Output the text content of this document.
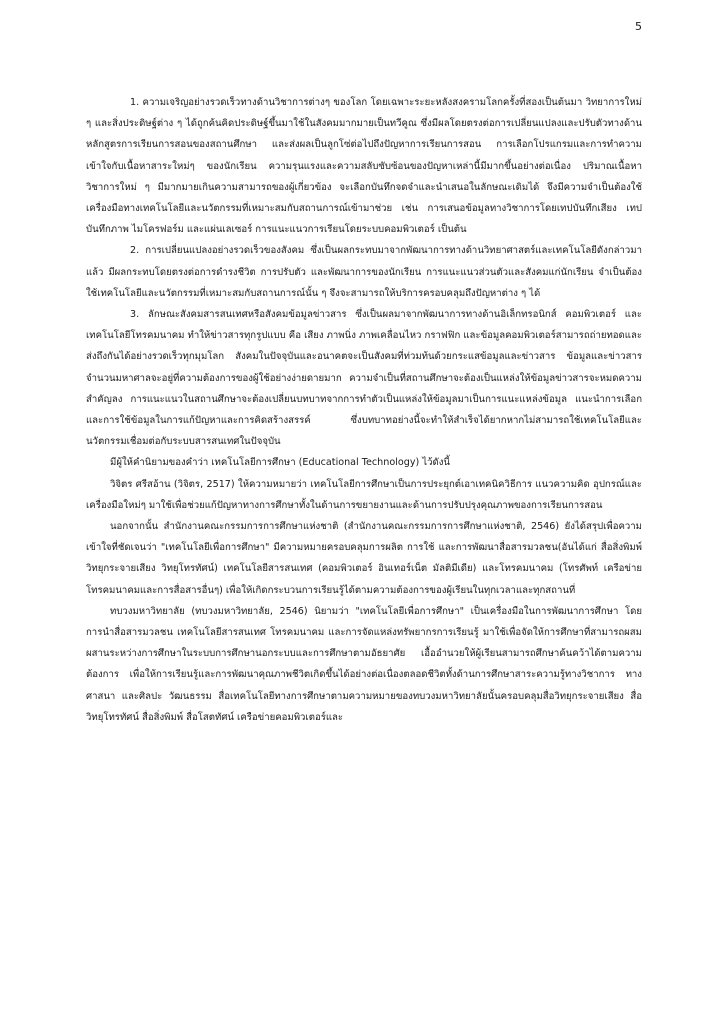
5

1. ความเจริญอย่างรวดเร็วทางด้านวิชาการต่างๆ ของโลก โดยเฉพาะระยะหลังสงครามโลกครั้งที่สองเป็นต้นมา วิทยาการใหม่ ๆ และสิ่งประดิษฐ์ต่าง ๆ ได้ถูกค้นคิดประดิษฐ์ขึ้นมาใช้ในสังคมมากมายเป็นทวีคูณ ซึ่งมีผลโดยตรงต่อการเปลี่ยนแปลงและปรับตัวทางด้านหลักสูตรการเรียนการสอนของสถานศึกษา และส่งผลเป็นลูกโซ่ต่อไปถึงปัญหาการเรียนการสอน การเลือกโปรแกรมและการทำความเข้าใจกับเนื้อหาสาระใหม่ๆ ของนักเรียน ความรุนแรงและความสลับซับซ้อนของปัญหาเหล่านี้มีมากขึ้นอย่างต่อเนื่อง ปริมาณเนื้อหาวิชาการใหม่ ๆ มีมากมายเกินความสามารถของผู้เกี่ยวข้อง จะเลือกบันทึกจดจำและนำเสนอในลักษณะเดิมได้ จึงมีความจำเป็นต้องใช้เครื่องมือทางเทคโนโลยีและนวัตกรรมที่เหมาะสมกับสถานการณ์เข้ามาช่วย เช่น การเสนอข้อมูลทางวิชาการโดยเทปบันทึกเสียง เทปบันทึกภาพ ไมโครฟอร์ม และแผ่นเลเซอร์ การแนะแนวการเรียนโดยระบบคอมพิวเตอร์ เป็นต้น

2. การเปลี่ยนแปลงอย่างรวดเร็วของสังคม ซึ่งเป็นผลกระทบมาจากพัฒนาการทางด้านวิทยาศาสตร์และเทคโนโลยีดังกล่าวมาแล้ว มีผลกระทบโดยตรงต่อการดำรงชีวิต การปรับตัว และพัฒนาการของนักเรียน การแนะแนวส่วนตัวและสังคมแก่นักเรียน จำเป็นต้องใช้เทคโนโลยีและนวัตกรรมที่เหมาะสมกับสถานการณ์นั้น ๆ จึงจะสามารถให้บริการครอบคลุมถึงปัญหาต่าง ๆ ได้

3. ลักษณะสังคมสารสนเทศหรือสังคมข้อมูลข่าวสาร ซึ่งเป็นผลมาจากพัฒนาการทางด้านอิเล็กทรอนิกส์ คอมพิวเตอร์ และเทคโนโลยีโทรคมนาคม ทำให้ข่าวสารทุกรูปแบบ คือ เสียง ภาพนิ่ง ภาพเคลื่อนไหว กราฟฟิก และข้อมูลคอมพิวเตอร์สามารถถ่ายทอดและส่งถึงกันได้อย่างรวดเร็วทุกมุมโลก สังคมในปัจจุบันและอนาคตจะเป็นสังคมที่ท่วมท้นด้วยกระแสข้อมูลและข่าวสาร ข้อมูลและข่าวสารจำนวนมหาศาลจะอยู่ที่ความต้องการของผู้ใช้อย่างง่ายดายมาก ความจำเป็นที่สถานศึกษาจะต้องเป็นแหล่งให้ข้อมูลข่าวสารจะหมดความสำคัญลง การแนะแนวในสถานศึกษาจะต้องเปลี่ยนบทบาทจากการทำตัวเป็นแหล่งให้ข้อมูลมาเป็นการแนะแหล่งข้อมูล แนะนำการเลือกและการใช้ข้อมูลในการแก้ปัญหาและการคิดสร้างสรรค์ ซึ่งบทบาทอย่างนี้จะทำให้สำเร็จได้ยากหากไม่สามารถใช้เทคโนโลยีและนวัตกรรมเชื่อมต่อกับระบบสารสนเทศในปัจจุบัน

มีผู้ให้คำนิยามของคำว่า เทคโนโลยีการศึกษา (Educational Technology) ไว้ดังนี้

วิจิตร ศรีสอ้าน (วิจิตร, 2517) ให้ความหมายว่า เทคโนโลยีการศึกษาเป็นการประยุกต์เอาเทคนิควิธีการ แนวความคิด อุปกรณ์และเครื่องมือใหม่ๆ มาใช้เพื่อช่วยแก้ปัญหาทางการศึกษาทั้งในด้านการขยายงานและด้านการปรับปรุงคุณภาพของการเรียนการสอน

นอกจากนั้น สำนักงานคณะกรรมการการศึกษาแห่งชาติ (สำนักงานคณะกรรมการการศึกษาแห่งชาติ, 2546) ยังได้สรุปเพื่อความเข้าใจที่ชัดเจนว่า "เทคโนโลยีเพื่อการศึกษา" มีความหมายครอบคลุมการผลิต การใช้ และการพัฒนาสื่อสารมวลชน(อันได้แก่ สื่อสิ่งพิมพ์ วิทยุกระจายเสียง วิทยุโทรทัศน์) เทคโนโลยีสารสนเทศ (คอมพิวเตอร์ อินเทอร์เน็ต มัลติมีเดีย) และโทรคมนาคม (โทรศัพท์ เครือข่ายโทรคมนาคมและการสื่อสารอื่นๆ) เพื่อให้เกิดกระบวนการเรียนรู้ได้ตามความต้องการของผู้เรียนในทุกเวลาและทุกสถานที่

ทบวงมหาวิทยาลัย (ทบวงมหาวิทยาลัย, 2546) นิยามว่า "เทคโนโลยีเพื่อการศึกษา" เป็นเครื่องมือในการพัฒนาการศึกษา โดยการนำสื่อสารมวลชน เทคโนโลยีสารสนเทศ โทรคมนาคม และการจัดแหล่งทรัพยากรการเรียนรู้ มาใช้เพื่อจัดให้การศึกษาที่สามารถผสมผสานระหว่างการศึกษาในระบบการศึกษานอกระบบและการศึกษาตามอัธยาศัย เอื้ออำนวยให้ผู้เรียนสามารถศึกษาค้นคว้าได้ตามความต้องการ เพื่อให้การเรียนรู้และการพัฒนาคุณภาพชีวิตเกิดขึ้นได้อย่างต่อเนื่องตลอดชีวิตทั้งด้านการศึกษาสาระความรู้ทางวิชาการ ทางศาสนา และศิลปะ วัฒนธรรม สื่อเทคโนโลยีทางการศึกษาตามความหมายของทบวงมหาวิทยาลัยนั้นครอบคลุมสื่อวิทยุกระจายเสียง สื่อวิทยุโทรทัศน์ สื่อสิ่งพิมพ์ สื่อโสตทัศน์ เครือข่ายคอมพิวเตอร์และ
